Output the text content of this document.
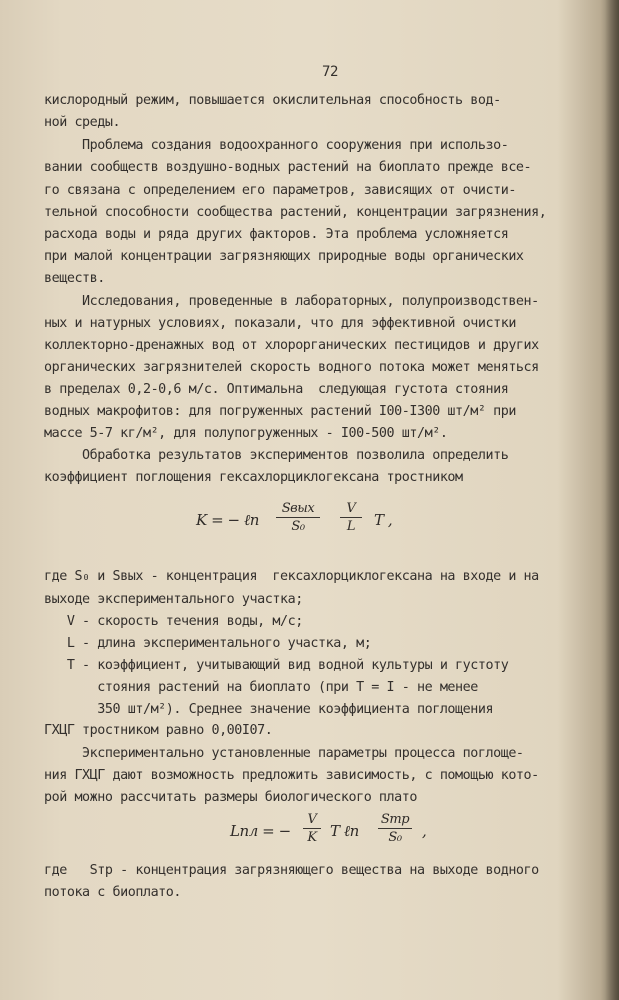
72
кислородный режим, повышается окислительная способность вод-
ной среды.
Проблема создания водоохранного сооружения при использо-
вании сообществ воздушно-водных растений на биоплато прежде все-
го связана с определением его параметров, зависящих от очисти-
тельной способности сообщества растений, концентрации загрязнения,
расхода воды и ряда других факторов. Эта проблема усложняется
при малой концентрации загрязняющих природные воды органических
веществ.
Исследования, проведенные в лабораторных, полупроизводствен-
ных и натурных условиях, показали, что для эффективной очистки
коллекторно-дренажных вод от хлорорганических пестицидов и других
органических загрязнителей скорость водного потока может меняться
в пределах 0,2-0,6 м/с. Оптимальна  следующая густота стояния
водных макрофитов: для погруженных растений I00-I300 шт/м² при
массе 5-7 кг/м², для полупогруженных - I00-500 шт/м².
Обработка результатов экспериментов позволила определить
коэффициент поглощения гексахлорциклогексана тростником
K = − ℓn
Sвых
S₀
V
L	T ,
где S₀ и Sвых - концентрация  гексахлорциклогексана на входе и на
выходе экспериментального участка;
V - скорость течения воды, м/с;
L - длина экспериментального участка, м;
T - коэффициент, учитывающий вид водной культуры и густоту
стояния растений на биоплато (при T = I - не менее
350 шт/м²). Среднее значение коэффициента поглощения
ГХЦГ тростником равно 0,00I07.
Экспериментально установленные параметры процесса поглоще-
ния ГХЦГ дают возможность предложить зависимость, с помощью кото-
рой можно рассчитать размеры биологического плато
Lпл = −
V
K T ℓn
Sтр
S₀	,
где   Sтр - концентрация загрязняющего вещества на выходе водного
потока с биоплато.
